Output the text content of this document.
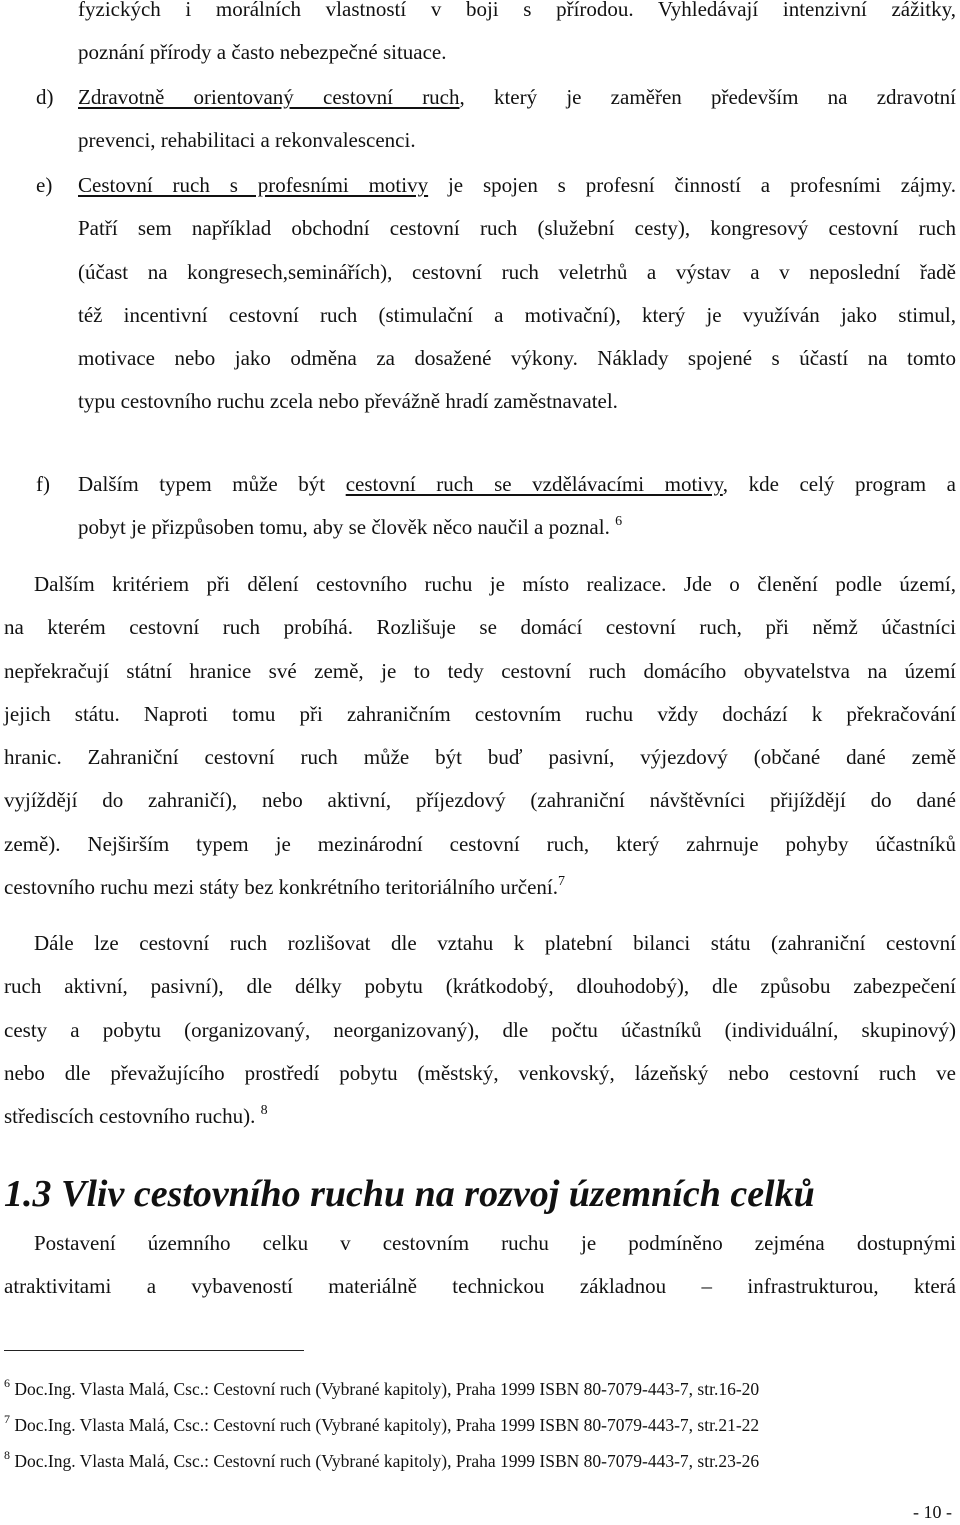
fyzických i morálních vlastností v boji s přírodou. Vyhledávají intenzivní zážitky,
poznání přírody a často nebezpečné situace.
d) Zdravotně orientovaný cestovní ruch, který je zaměřen především na zdravotní
prevenci, rehabilitaci a rekonvalescenci.
e) Cestovní ruch s profesními motivy je spojen s profesní činností a profesními zájmy.
Patří sem například obchodní cestovní ruch (služební cesty), kongresový cestovní ruch
(účast na kongresech,seminářích), cestovní ruch veletrhů a výstav a v neposlední řadě
též incentivní cestovní ruch (stimulační a motivační), který je využíván jako stimul,
motivace nebo jako odměna za dosažené výkony. Náklady spojené s účastí na tomto
typu cestovního ruchu zcela nebo převážně hradí zaměstnavatel.
f) Dalším typem může být cestovní ruch se vzdělávacími motivy, kde celý program a
pobyt je přizpůsoben tomu, aby se člověk něco naučil a poznal. $^6$
Dalším kritériem při dělení cestovního ruchu je místo realizace. Jde o členění podle území,
na kterém cestovní ruch probíhá. Rozlišuje se domácí cestovní ruch, při němž účastníci
nepřekračují státní hranice své země, je to tedy cestovní ruch domácího obyvatelstva na území
jejich státu. Naproti tomu při zahraničním cestovním ruchu vždy dochází k překračování
hranic. Zahraniční cestovní ruch může být buď pasivní, výjezdový (občané dané země
vyjíždějí do zahraničí), nebo aktivní, příjezdový (zahraniční návštěvníci přijíždějí do dané
země). Nejširším typem je mezinárodní cestovní ruch, který zahrnuje pohyby účastníků
cestovního ruchu mezi státy bez konkrétního teritoriálního určení.$^7$
Dále lze cestovní ruch rozlišovat dle vztahu k platební bilanci státu (zahraniční cestovní
ruch aktivní, pasivní), dle délky pobytu (krátkodobý, dlouhodobý), dle způsobu zabezpečení
cesty a pobytu (organizovaný, neorganizovaný), dle počtu účastníků (individuální, skupinový)
nebo dle převažujícího prostředí pobytu (městský, venkovský, lázeňský nebo cestovní ruch ve
střediscích cestovního ruchu). $^8$
1.3 Vliv cestovního ruchu na rozvoj územních celků
Postavení územního celku v cestovním ruchu je podmíněno zejména dostupnými
atraktivitami a vybaveností materiálně technickou základnou – infrastrukturou, která
$^6$ Doc.Ing. Vlasta Malá, Csc.: Cestovní ruch (Vybrané kapitoly), Praha 1999 ISBN 80-7079-443-7, str.16-20
$^7$ Doc.Ing. Vlasta Malá, Csc.: Cestovní ruch (Vybrané kapitoly), Praha 1999 ISBN 80-7079-443-7, str.21-22
$^8$ Doc.Ing. Vlasta Malá, Csc.: Cestovní ruch (Vybrané kapitoly), Praha 1999 ISBN 80-7079-443-7, str.23-26
- 10 -
